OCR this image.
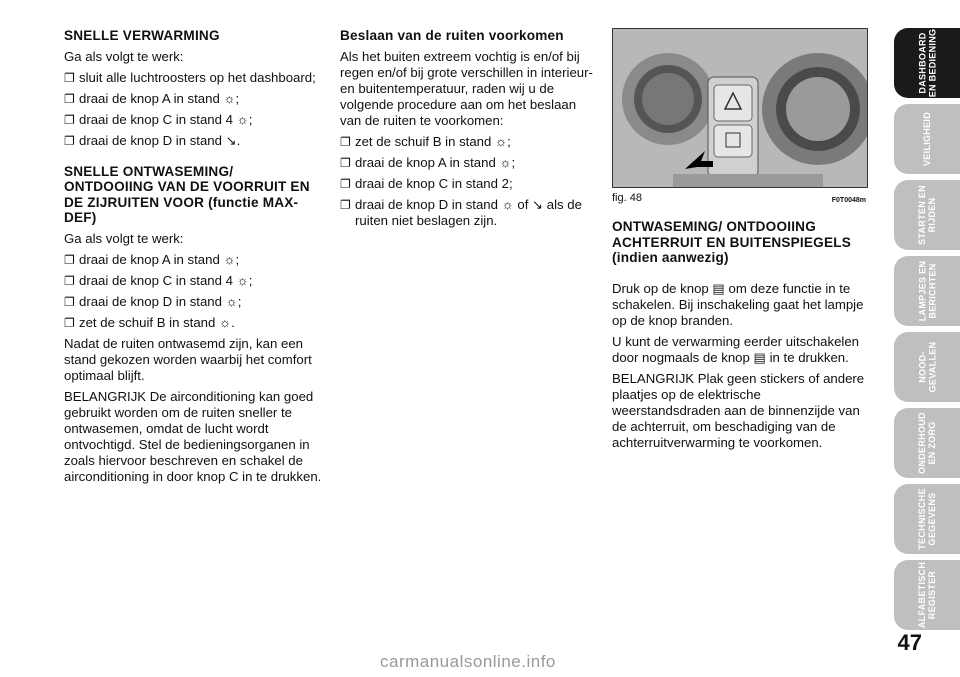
SNELLE VERWARMING
Ga als volgt te werk:
❐ sluit alle luchtroosters op het dashboard;
❐ draai de knop A in stand ☼;
❐ draai de knop C in stand 4 ☼;
❐ draai de knop D in stand ↘.
SNELLE ONTWASEMING/ ONTDOOIING VAN DE VOORRUIT EN DE ZIJRUITEN VOOR (functie MAX-DEF)
Ga als volgt te werk:
❐ draai de knop A in stand ☼;
❐ draai de knop C in stand 4 ☼;
❐ draai de knop D in stand ☼;
❐ zet de schuif B in stand ☼.
Nadat de ruiten ontwasemd zijn, kan een stand gekozen worden waarbij het comfort optimaal blijft.
BELANGRIJK De airconditioning kan goed gebruikt worden om de ruiten sneller te ontwasemen, omdat de lucht wordt ontvochtigd. Stel de bedieningsorganen in zoals hiervoor beschreven en schakel de airconditioning in door knop C in te drukken.
Beslaan van de ruiten voorkomen
Als het buiten extreem vochtig is en/of bij regen en/of bij grote verschillen in interieur- en buitentemperatuur, raden wij u de volgende procedure aan om het beslaan van de ruiten te voorkomen:
❐ zet de schuif B in stand ☼;
❐ draai de knop A in stand ☼;
❐ draai de knop C in stand 2;
❐ draai de knop D in stand ☼ of ↘ als de ruiten niet beslagen zijn.
fig. 48	F0T0048m
ONTWASEMING/ ONTDOOIING ACHTERRUIT EN BUITENSPIEGELS (indien aanwezig)
Druk op de knop ▤ om deze functie in te schakelen. Bij inschakeling gaat het lampje op de knop branden.
U kunt de verwarming eerder uitschakelen door nogmaals de knop ▤ in te drukken.
BELANGRIJK Plak geen stickers of andere plaatjes op de elektrische weerstandsdraden aan de binnenzijde van de achterruit, om beschadiging van de achterruitverwarming te voorkomen.
DASHBOARD
EN BEDIENING
VEILIGHEID
STARTEN EN
RIJDEN
LAMPJES EN
BERICHTEN
NOOD-
GEVALLEN
ONDERHOUD
EN ZORG
TECHNISCHE
GEGEVENS
ALFABETISCH
REGISTER
47
carmanualsonline.info
